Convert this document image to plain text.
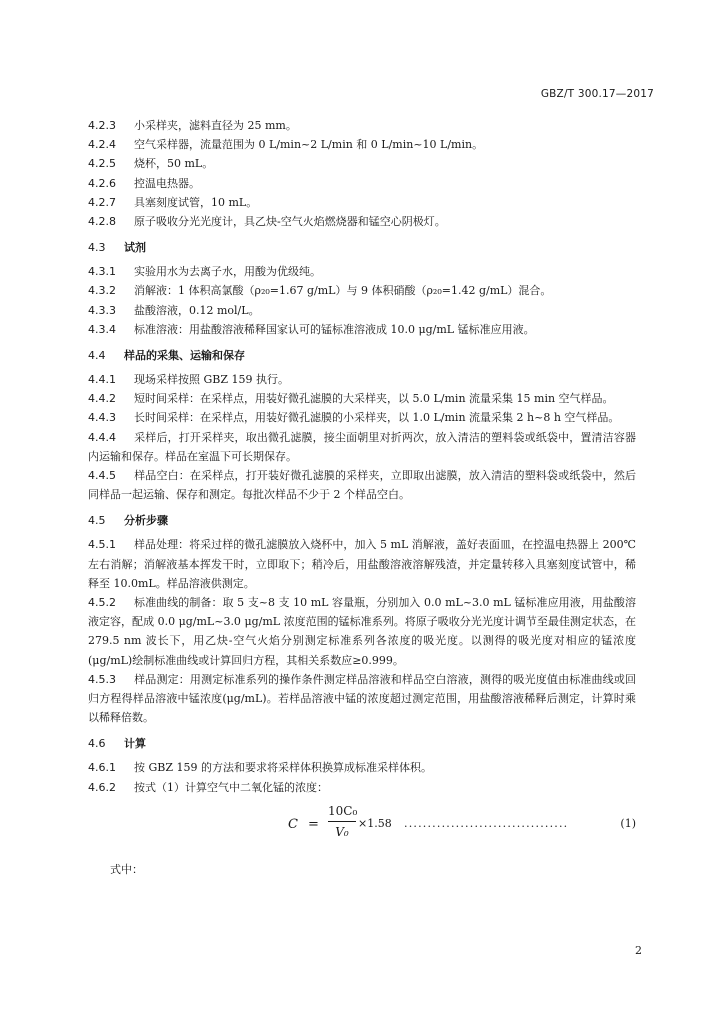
GBZ/T 300.17—2017
4.2.3 小采样夹，滤料直径为 25 mm。
4.2.4 空气采样器，流量范围为 0 L/min~2 L/min 和 0 L/min~10 L/min。
4.2.5 烧杯，50 mL。
4.2.6 控温电热器。
4.2.7 具塞刻度试管，10 mL。
4.2.8 原子吸收分光光度计，具乙炔-空气火焰燃烧器和锰空心阴极灯。
4.3 试剂
4.3.1 实验用水为去离子水，用酸为优级纯。
4.3.2 消解液：1 体积高氯酸（ρ₂₀=1.67 g/mL）与 9 体积硝酸（ρ₂₀=1.42 g/mL）混合。
4.3.3 盐酸溶液，0.12 mol/L。
4.3.4 标准溶液：用盐酸溶液稀释国家认可的锰标准溶液成 10.0 μg/mL 锰标准应用液。
4.4 样品的采集、运输和保存
4.4.1 现场采样按照 GBZ 159 执行。
4.4.2 短时间采样：在采样点，用装好微孔滤膜的大采样夹，以 5.0 L/min 流量采集 15 min 空气样品。
4.4.3 长时间采样：在采样点，用装好微孔滤膜的小采样夹，以 1.0 L/min 流量采集 2 h~8 h 空气样品。
4.4.4 采样后，打开采样夹，取出微孔滤膜，接尘面朝里对折两次，放入清洁的塑料袋或纸袋中，置清洁容器内运输和保存。样品在室温下可长期保存。
4.4.5 样品空白：在采样点，打开装好微孔滤膜的采样夹，立即取出滤膜，放入清洁的塑料袋或纸袋中，然后同样品一起运输、保存和测定。每批次样品不少于 2 个样品空白。
4.5 分析步骤
4.5.1 样品处理：将采过样的微孔滤膜放入烧杯中，加入 5 mL 消解液，盖好表面皿，在控温电热器上 200℃左右消解；消解液基本挥发干时，立即取下；稍冷后，用盐酸溶液溶解残渣，并定量转移入具塞刻度试管中，稀释至 10.0mL。样品溶液供测定。
4.5.2 标准曲线的制备：取 5 支~8 支 10 mL 容量瓶，分别加入 0.0 mL~3.0 mL 锰标准应用液，用盐酸溶液定容，配成 0.0 μg/mL~3.0 μg/mL 浓度范围的锰标准系列。将原子吸收分光光度计调节至最佳测定状态，在 279.5 nm 波长下，用乙炔-空气火焰分别测定标准系列各浓度的吸光度。以测得的吸光度对相应的锰浓度(μg/mL)绘制标准曲线或计算回归方程，其相关系数应≥0.999。
4.5.3 样品测定：用测定标准系列的操作条件测定样品溶液和样品空白溶液，测得的吸光度值由标准曲线或回归方程得样品溶液中锰浓度(μg/mL)。若样品溶液中锰的浓度超过测定范围，用盐酸溶液稀释后测定，计算时乘以稀释倍数。
4.6 计算
4.6.1 按 GBZ 159 的方法和要求将采样体积换算成标准采样体积。
4.6.2 按式（1）计算空气中二氧化锰的浓度：
C =
10C₀
V₀
×1.58 ...................................	(1)
式中：
2
